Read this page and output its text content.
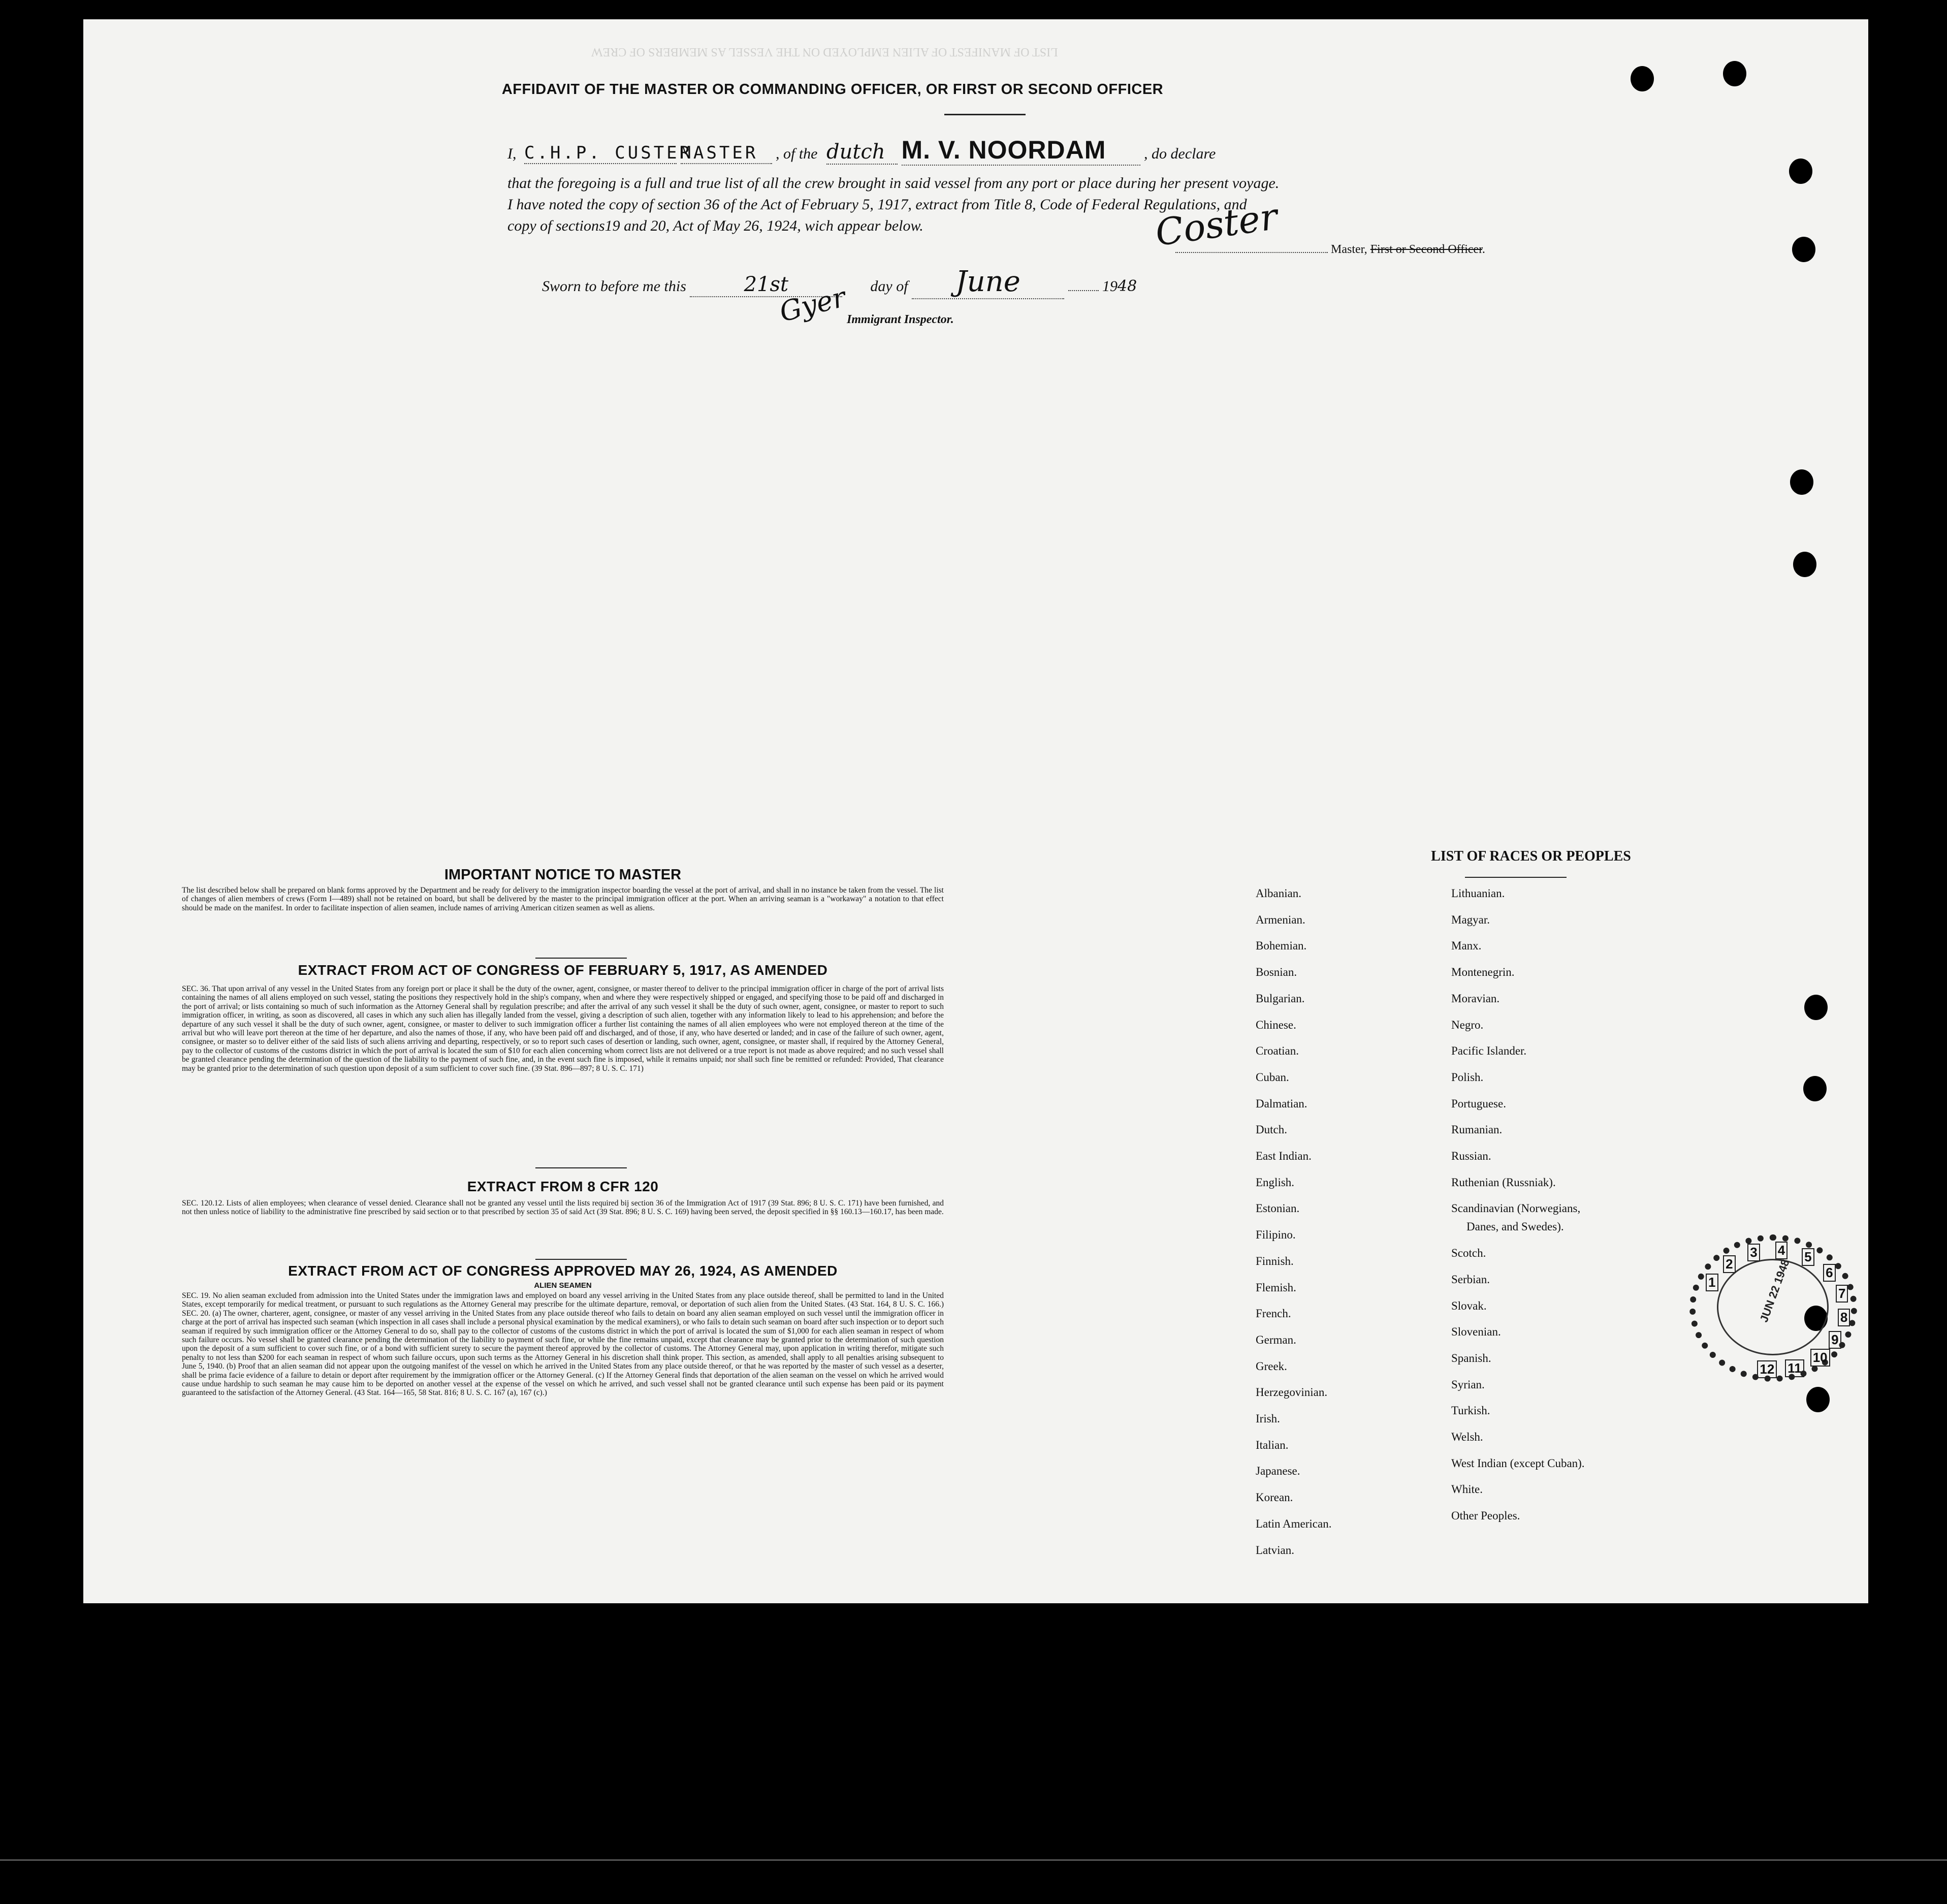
LIST OF MANIFEST OF ALIEN EMPLOYED ON THE VESSEL AS MEMBERS OF CREW
AFFIDAVIT OF THE MASTER OR COMMANDING OFFICER, OR FIRST OR SECOND OFFICER
I, C.H.P. CUSTER MASTER , of the dutch M. V. NOORDAM , do declare
that the foregoing is a full and true list of all the crew brought in said vessel from any port or place during her present voyage.
I have noted the copy of section 36 of the Act of February 5, 1917, extract from Title 8, Code of Federal Regulations, and
copy of sections19 and 20, Act of May 26, 1924, wich appear below.	Coster	Master, First or Second Officer.
Sworn to before me this	21st	day of June	1948
Gyer
Immigrant Inspector.
IMPORTANT NOTICE TO MASTER

The list described below shall be prepared on blank forms approved by the Department and be ready for delivery to the immigration inspector boarding the vessel at the port of arrival, and shall in no instance be taken from the vessel. The list of changes of alien members of crews (Form I—489) shall not be retained on board, but shall be delivered by the master to the principal immigration officer at the port. When an arriving seaman is a "workaway" a notation to that effect should be made on the manifest. In order to facilitate inspection of alien seamen, include names of arriving American citizen seamen as well as aliens.

EXTRACT FROM ACT OF CONGRESS OF FEBRUARY 5, 1917, AS AMENDED

SEC. 36. That upon arrival of any vessel in the United States from any foreign port or place it shall be the duty of the owner, agent, consignee, or master thereof to deliver to the principal immigration officer in charge of the port of arrival lists containing the names of all aliens employed on such vessel, stating the positions they respectively hold in the ship's company, when and where they were respectively shipped or engaged, and specifying those to be paid off and discharged in the port of arrival; or lists containing so much of such information as the Attorney General shall by regulation prescribe; and after the arrival of any such vessel it shall be the duty of such owner, agent, consignee, or master to report to such immigration officer, in writing, as soon as discovered, all cases in which any such alien has illegally landed from the vessel, giving a description of such alien, together with any information likely to lead to his apprehension; and before the departure of any such vessel it shall be the duty of such owner, agent, consignee, or master to deliver to such immigration officer a further list containing the names of all alien employees who were not employed thereon at the time of the arrival but who will leave port thereon at the time of her departure, and also the names of those, if any, who have been paid off and discharged, and of those, if any, who have deserted or landed; and in case of the failure of such owner, agent, consignee, or master so to deliver either of the said lists of such aliens arriving and departing, respectively, or so to report such cases of desertion or landing, such owner, agent, consignee, or master shall, if required by the Attorney General, pay to the collector of customs of the customs district in which the port of arrival is located the sum of $10 for each alien concerning whom correct lists are not delivered or a true report is not made as above required; and no such vessel shall be granted clearance pending the determination of the question of the liability to the payment of such fine, and, in the event such fine is imposed, while it remains unpaid; nor shall such fine be remitted or refunded: Provided, That clearance may be granted prior to the determination of such question upon deposit of a sum sufficient to cover such fine. (39 Stat. 896—897; 8 U. S. C. 171)

EXTRACT FROM 8 CFR 120

SEC. 120.12. Lists of alien employees; when clearance of vessel denied. Clearance shall not be granted any vessel until the lists required bij section 36 of the Immigration Act of 1917 (39 Stat. 896; 8 U. S. C. 171) have been furnished, and not then unless notice of liability to the administrative fine prescribed by said section or to that prescribed by section 35 of said Act (39 Stat. 896; 8 U. S. C. 169) having been served, the deposit specified in §§ 160.13—160.17, has been made.

EXTRACT FROM ACT OF CONGRESS APPROVED MAY 26, 1924, AS AMENDED
ALIEN SEAMEN

SEC. 19. No alien seaman excluded from admission into the United States under the immigration laws and employed on board any vessel arriving in the United States from any place outside thereof, shall be permitted to land in the United States, except temporarily for medical treatment, or pursuant to such regulations as the Attorney General may prescribe for the ultimate departure, removal, or deportation of such alien from the United States. (43 Stat. 164, 8 U. S. C. 166.) SEC. 20. (a) The owner, charterer, agent, consignee, or master of any vessel arriving in the United States from any place outside thereof who fails to detain on board any alien seaman employed on such vessel until the immigration officer in charge at the port of arrival has inspected such seaman (which inspection in all cases shall include a personal physical examination by the medical examiners), or who fails to detain such seaman on board after such inspection or to deport such seaman if required by such immigration officer or the Attorney General to do so, shall pay to the collector of customs of the customs district in which the port of arrival is located the sum of $1,000 for each alien seaman in respect of whom such failure occurs. No vessel shall be granted clearance pending the determination of the liability to payment of such fine, or while the fine remains unpaid, except that clearance may be granted prior to the determination of such question upon the deposit of a sum sufficient to cover such fine, or of a bond with sufficient surety to secure the payment thereof approved by the collector of customs. The Attorney General may, upon application in writing therefor, mitigate such penalty to not less than $200 for each seaman in respect of whom such failure occurs, upon such terms as the Attorney General in his discretion shall think proper. This section, as amended, shall apply to all penalties arising subsequent to June 5, 1940. (b) Proof that an alien seaman did not appear upon the outgoing manifest of the vessel on which he arrived in the United States from any place outside thereof, or that he was reported by the master of such vessel as a deserter, shall be prima facie evidence of a failure to detain or deport after requirement by the immigration officer or the Attorney General. (c) If the Attorney General finds that deportation of the alien seaman on the vessel on which he arrived would cause undue hardship to such seaman he may cause him to be deported on another vessel at the expense of the vessel on which he arrived, and such vessel shall not be granted clearance until such expense has been paid or its payment guaranteed to the satisfaction of the Attorney General. (43 Stat. 164—165, 58 Stat. 816; 8 U. S. C. 167 (a), 167 (c).)

LIST OF RACES OR PEOPLES
JUN 22 1948
Albanian.
Armenian.
Bohemian.
Bosnian.
Bulgarian.
Chinese.
Croatian.
Cuban.
Dalmatian.
Dutch.
East Indian.
English.
Estonian.
Filipino.
Finnish.
Flemish.
French.
German.
Greek.
Herzegovinian.
Irish.
Italian.
Japanese.
Korean.
Latin American.
Latvian.
Lithuanian.
Magyar.
Manx.
Montenegrin.
Moravian.
Negro.
Pacific Islander.
Polish.
Portuguese.
Rumanian.
Russian.
Ruthenian (Russniak).
Scandinavian (Norwegians,
Danes, and Swedes).
Scotch.
Serbian.
Slovak.
Slovenian.
Spanish.
Syrian.
Turkish.
Welsh.
West Indian (except Cuban).
White.
Other Peoples.
1
2
3 4 5
6
7
8
9
10
11
12
